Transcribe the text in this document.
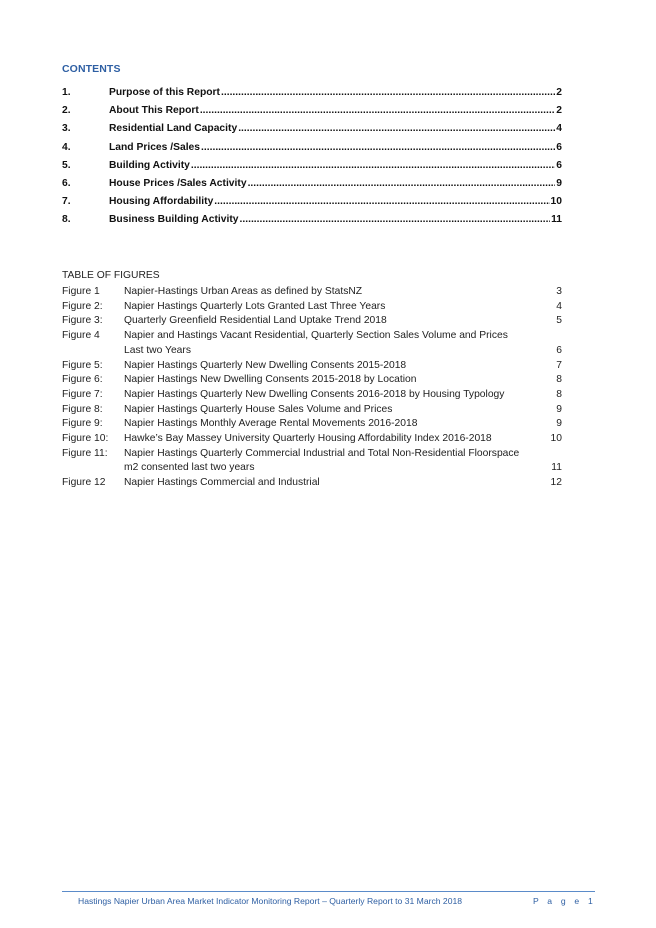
CONTENTS
1.	Purpose of this Report .....	2
2.	About This Report .....	2
3.	Residential Land Capacity .....	4
4.	Land Prices /Sales .....	6
5.	Building Activity .....	6
6.	House Prices /Sales Activity .....	9
7.	Housing Affordability .....	10
8.	Business Building Activity .....	11
TABLE OF FIGURES
Figure 1	Napier-Hastings Urban Areas as defined by StatsNZ	3
Figure 2:	Napier Hastings Quarterly Lots Granted Last Three Years	4
Figure 3:	Quarterly Greenfield Residential Land Uptake Trend 2018	5
Figure 4	Napier and Hastings Vacant Residential, Quarterly Section Sales Volume and Prices Last two Years	6
Figure 5:	Napier Hastings Quarterly New Dwelling Consents 2015-2018	7
Figure 6:	Napier Hastings New Dwelling Consents 2015-2018 by Location	8
Figure 7:	Napier Hastings Quarterly New Dwelling Consents 2016-2018 by Housing Typology	8
Figure 8:	Napier Hastings Quarterly House Sales Volume and Prices	9
Figure 9:	Napier Hastings Monthly Average Rental Movements 2016-2018	9
Figure 10:	Hawke’s Bay Massey University Quarterly Housing Affordability Index 2016-2018	10
Figure 11:	Napier Hastings Quarterly Commercial Industrial and Total Non-Residential Floorspace m2 consented last two years	11
Figure 12	Napier Hastings Commercial and Industrial	12
Hastings Napier Urban Area Market Indicator Monitoring Report – Quarterly Report to 31 March 2018	P a g e 1
